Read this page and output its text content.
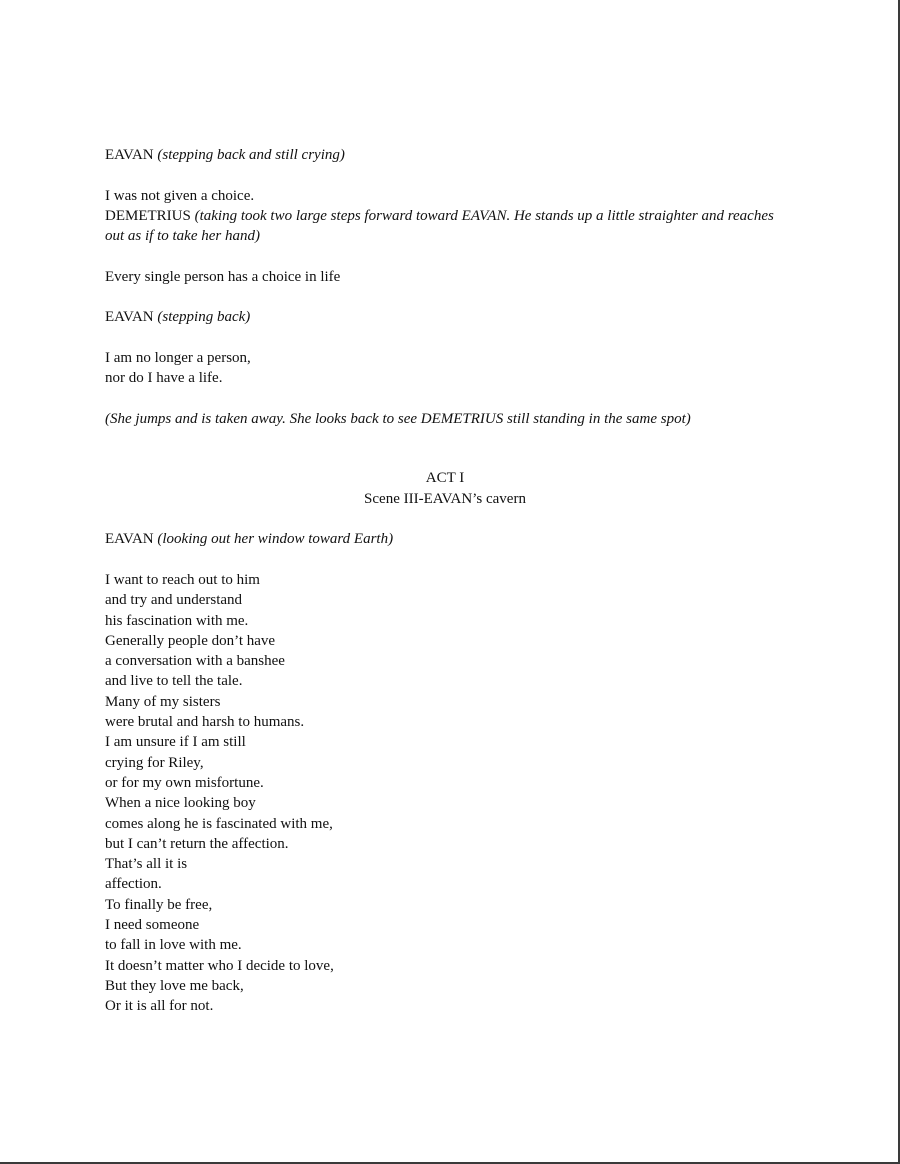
EAVAN (stepping back and still crying)

I was not given a choice.

DEMETRIUS (taking took two large steps forward toward EAVAN. He stands up a little straighter and reaches out as if to take her hand)

Every single person has a choice in life

EAVAN (stepping back)

I am no longer a person,

nor do I have a life.

(She jumps and is taken away. She looks back to see DEMETRIUS still standing in the same spot)

ACT I

Scene III-EAVAN’s cavern

EAVAN (looking out her window toward Earth)

I want to reach out to him

and try and understand

his fascination with me.

Generally people don’t have

a conversation with a banshee

and live to tell the tale.

Many of my sisters

were brutal and harsh to humans.

I am unsure if I am still

crying for Riley,

or for my own misfortune.

When a nice looking boy

comes along he is fascinated with me,

but I can’t return the affection.

That’s all it is

affection.

To finally be free,

I need someone

to fall in love with me.

It doesn’t matter who I decide to love,

But they love me back,

Or it is all for not.
